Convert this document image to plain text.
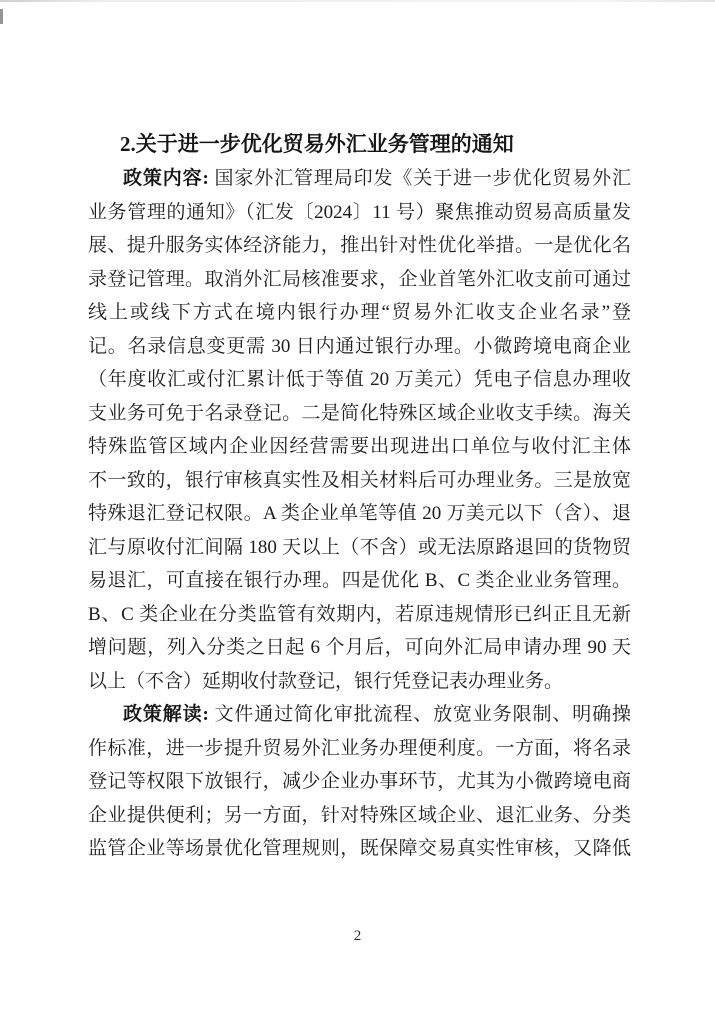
2.关于进一步优化贸易外汇业务管理的通知
政策内容: 国家外汇管理局印发《关于进一步优化贸易外汇
业务管理的通知》（汇发〔2024〕11 号）聚焦推动贸易高质量发
展、提升服务实体经济能力，推出针对性优化举措。一是优化名
录登记管理。取消外汇局核准要求，企业首笔外汇收支前可通过
线上或线下方式在境内银行办理“贸易外汇收支企业名录”登
记。名录信息变更需 30 日内通过银行办理。小微跨境电商企业
（年度收汇或付汇累计低于等值 20 万美元）凭电子信息办理收
支业务可免于名录登记。二是简化特殊区域企业收支手续。海关
特殊监管区域内企业因经营需要出现进出口单位与收付汇主体
不一致的，银行审核真实性及相关材料后可办理业务。三是放宽
特殊退汇登记权限。A 类企业单笔等值 20 万美元以下（含）、退
汇与原收付汇间隔 180 天以上（不含）或无法原路退回的货物贸
易退汇，可直接在银行办理。四是优化 B、C 类企业业务管理。
B、C 类企业在分类监管有效期内，若原违规情形已纠正且无新
增问题，列入分类之日起 6 个月后，可向外汇局申请办理 90 天
以上（不含）延期收付款登记，银行凭登记表办理业务。
政策解读: 文件通过简化审批流程、放宽业务限制、明确操
作标准，进一步提升贸易外汇业务办理便利度。一方面，将名录
登记等权限下放银行，减少企业办事环节，尤其为小微跨境电商
企业提供便利；另一方面，针对特殊区域企业、退汇业务、分类
监管企业等场景优化管理规则，既保障交易真实性审核，又降低
2
